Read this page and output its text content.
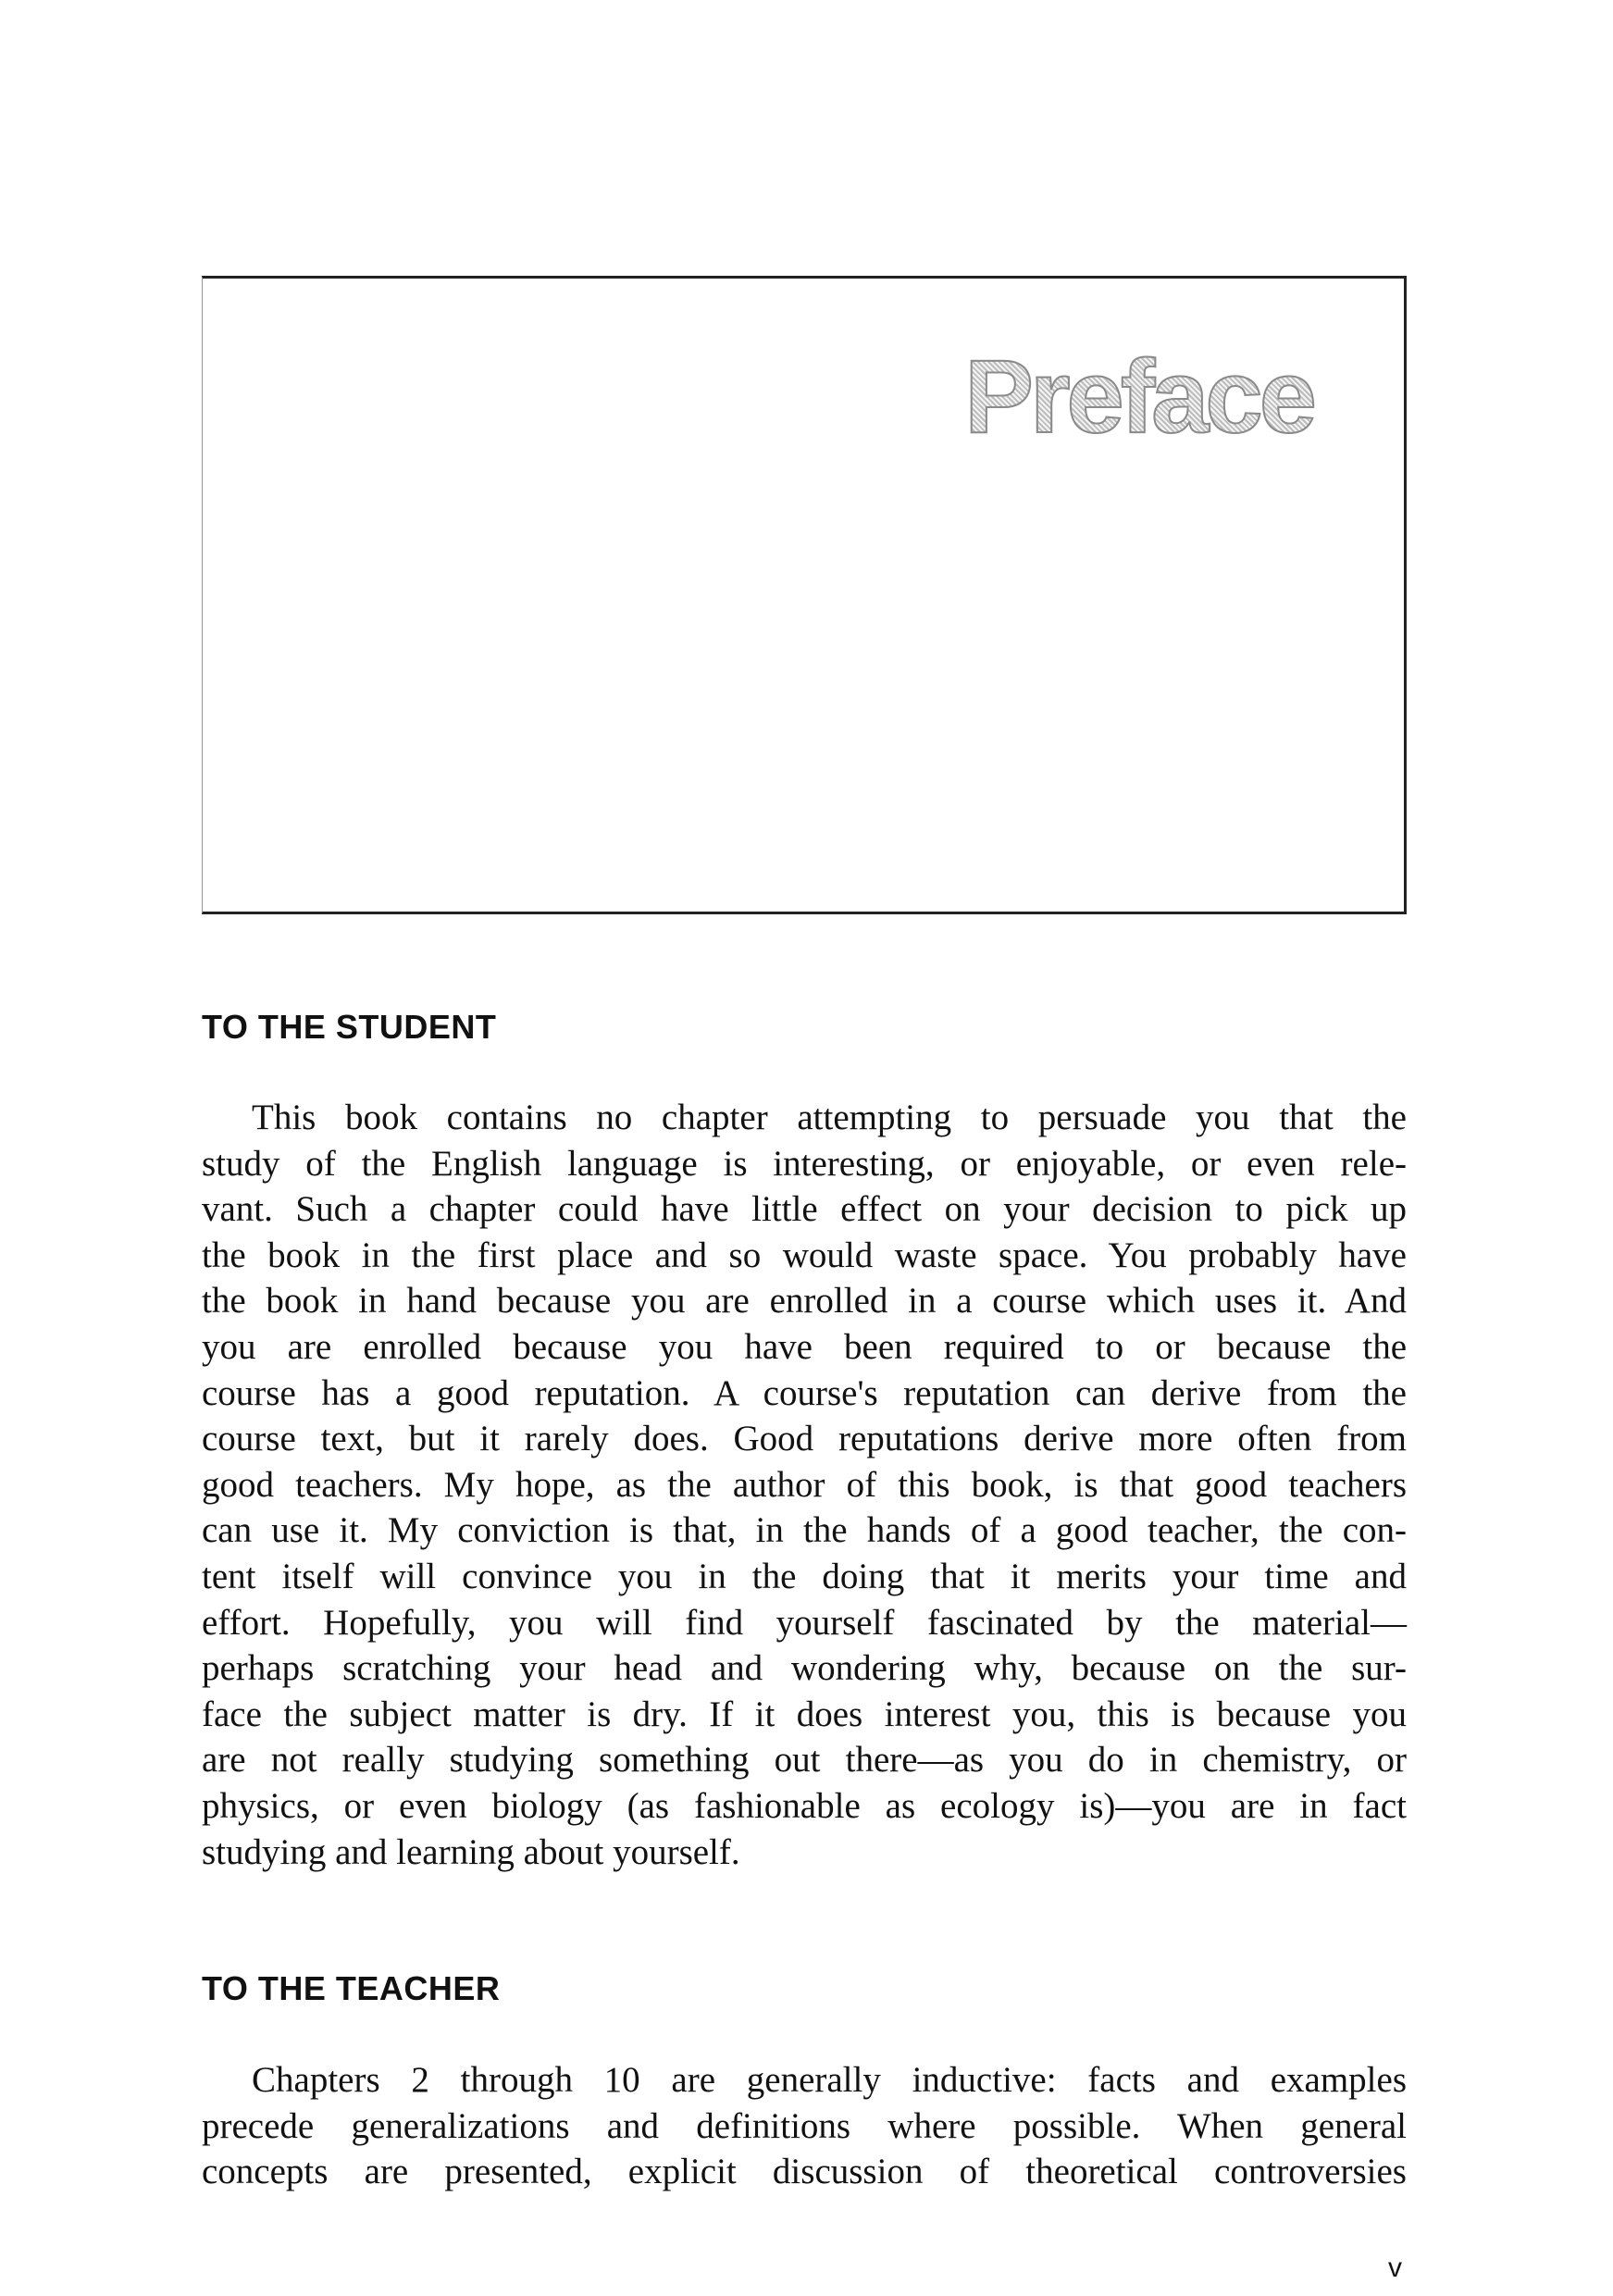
Preface
TO THE STUDENT
This book contains no chapter attempting to persuade you that the
study of the English language is interesting, or enjoyable, or even rele-
vant. Such a chapter could have little effect on your decision to pick up
the book in the first place and so would waste space. You probably have
the book in hand because you are enrolled in a course which uses it. And
you are enrolled because you have been required to or because the
course has a good reputation. A course's reputation can derive from the
course text, but it rarely does. Good reputations derive more often from
good teachers. My hope, as the author of this book, is that good teachers
can use it. My conviction is that, in the hands of a good teacher, the con-
tent itself will convince you in the doing that it merits your time and
effort. Hopefully, you will find yourself fascinated by the material—
perhaps scratching your head and wondering why, because on the sur-
face the subject matter is dry. If it does interest you, this is because you
are not really studying something out there—as you do in chemistry, or
physics, or even biology (as fashionable as ecology is)—you are in fact
studying and learning about yourself.
TO THE TEACHER
Chapters 2 through 10 are generally inductive: facts and examples
precede generalizations and definitions where possible. When general
concepts are presented, explicit discussion of theoretical controversies
v
